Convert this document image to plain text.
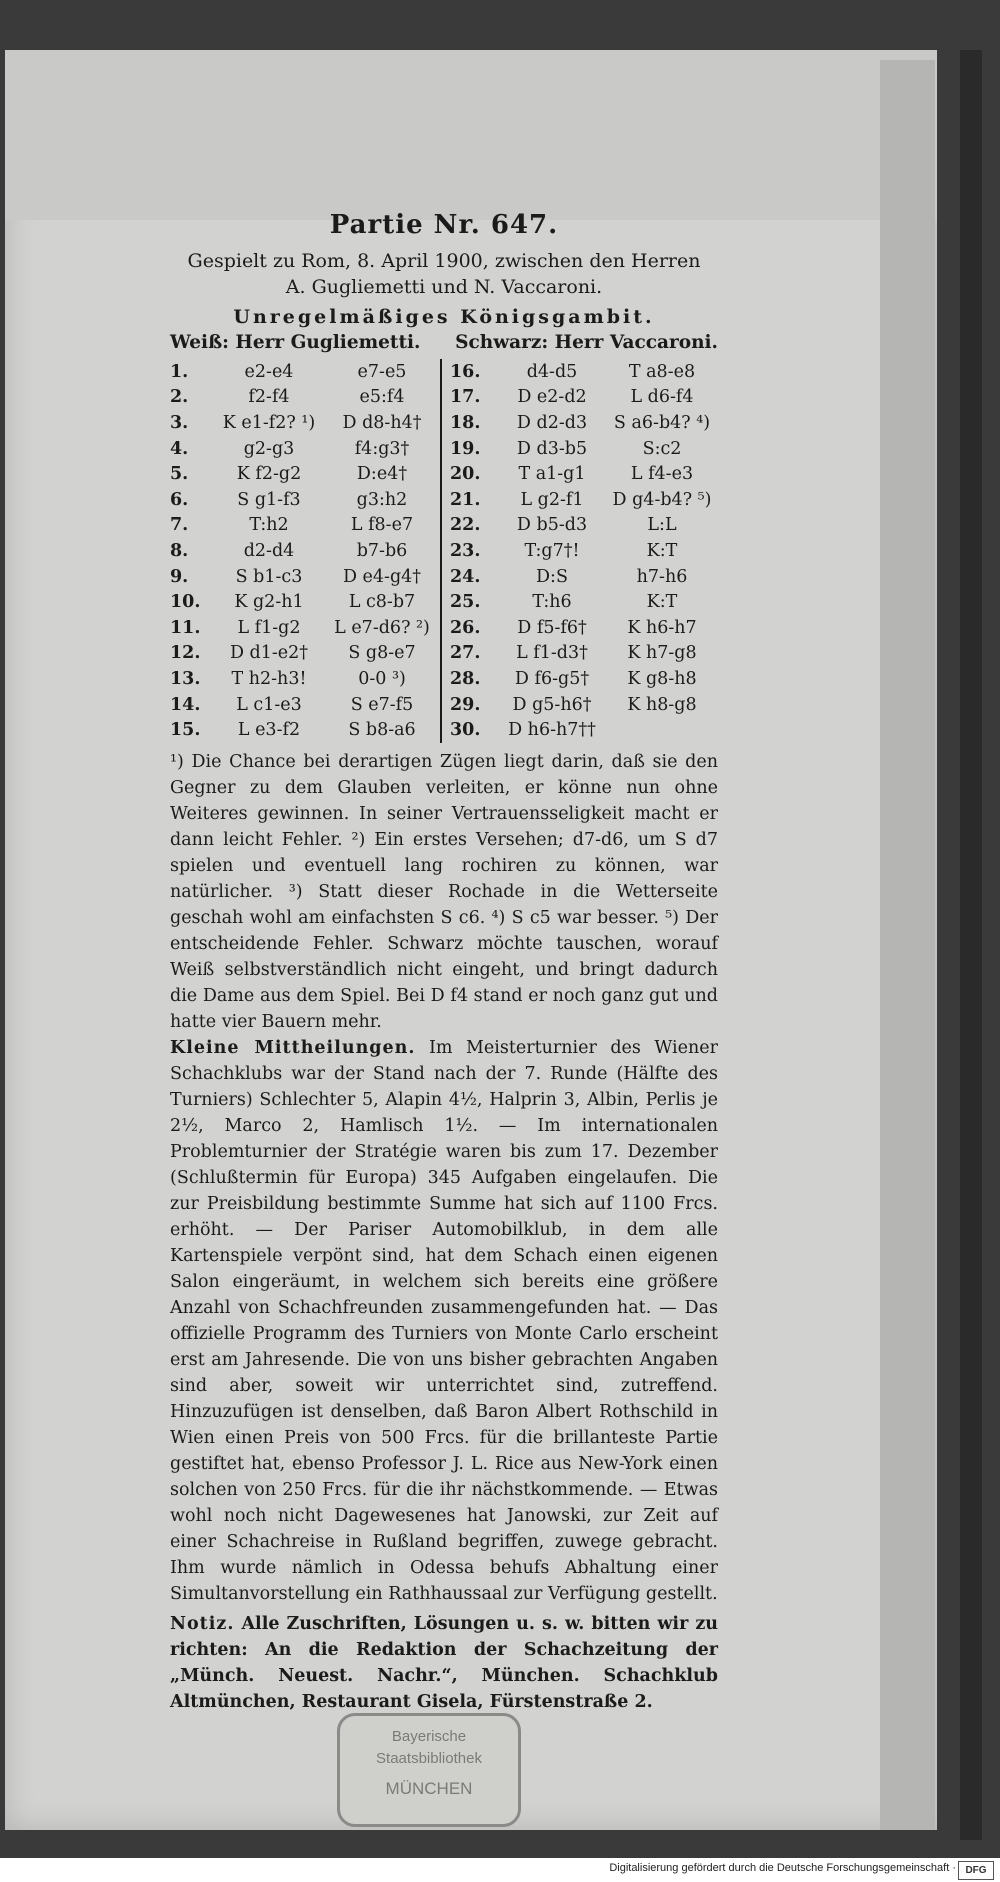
Partie Nr. 647.

Gespielt zu Rom, 8. April 1900, zwischen den Herren

A. Gugliemetti und N. Vaccaroni.

Unregelmäßiges Königsgambit.
Weiß: Herr Gugliemetti. Schwarz: Herr Vaccaroni.
1.	e2-e4	e7-e5	16.	d4-d5	T a8-e8
2.	f2-f4	e5:f4	17.	D e2-d2	L d6-f4
3.	K e1-f2? ¹)	D d8-h4†	18.	D d2-d3	S a6-b4? ⁴)
4.	g2-g3	f4:g3†	19.	D d3-b5	S:c2
5.	K f2-g2	D:e4†	20.	T a1-g1	L f4-e3
6.	S g1-f3	g3:h2	21.	L g2-f1	D g4-b4? ⁵)
7.	T:h2	L f8-e7	22.	D b5-d3	L:L
8.	d2-d4	b7-b6	23.	T:g7†!	K:T
9.	S b1-c3	D e4-g4†	24.	D:S	h7-h6
10.	K g2-h1	L c8-b7	25.	T:h6	K:T
11.	L f1-g2	L e7-d6? ²)	26.	D f5-f6†	K h6-h7
12.	D d1-e2†	S g8-e7	27.	L f1-d3†	K h7-g8
13.	T h2-h3!	0-0 ³)	28.	D f6-g5†	K g8-h8
14.	L c1-e3	S e7-f5	29.	D g5-h6†	K h8-g8
15.	L e3-f2	S b8-a6	30.	D h6-h7††	

¹) Die Chance bei derartigen Zügen liegt darin, daß sie den Gegner zu dem Glauben verleiten, er könne nun ohne Weiteres gewinnen. In seiner Vertrauensseligkeit macht er dann leicht Fehler. ²) Ein erstes Versehen; d7-d6, um S d7 spielen und eventuell lang rochiren zu können, war natürlicher. ³) Statt dieser Rochade in die Wetterseite geschah wohl am einfachsten S c6. ⁴) S c5 war besser. ⁵) Der entscheidende Fehler. Schwarz möchte tauschen, worauf Weiß selbstverständlich nicht eingeht, und bringt dadurch die Dame aus dem Spiel. Bei D f4 stand er noch ganz gut und hatte vier Bauern mehr.

Kleine Mittheilungen. Im Meisterturnier des Wiener Schachklubs war der Stand nach der 7. Runde (Hälfte des Turniers) Schlechter 5, Alapin 4½, Halprin 3, Albin, Perlis je 2½, Marco 2, Hamlisch 1½. — Im internationalen Problemturnier der Stratégie waren bis zum 17. Dezember (Schlußtermin für Europa) 345 Aufgaben eingelaufen. Die zur Preisbildung bestimmte Summe hat sich auf 1100 Frcs. erhöht. — Der Pariser Automobilklub, in dem alle Kartenspiele verpönt sind, hat dem Schach einen eigenen Salon eingeräumt, in welchem sich bereits eine größere Anzahl von Schachfreunden zusammengefunden hat. — Das offizielle Programm des Turniers von Monte Carlo erscheint erst am Jahresende. Die von uns bisher gebrachten Angaben sind aber, soweit wir unterrichtet sind, zutreffend. Hinzuzufügen ist denselben, daß Baron Albert Rothschild in Wien einen Preis von 500 Frcs. für die brillanteste Partie gestiftet hat, ebenso Professor J. L. Rice aus New-York einen solchen von 250 Frcs. für die ihr nächstkommende. — Etwas wohl noch nicht Dagewesenes hat Janowski, zur Zeit auf einer Schachreise in Rußland begriffen, zuwege gebracht. Ihm wurde nämlich in Odessa behufs Abhaltung einer Simultanvorstellung ein Rathhaussaal zur Verfügung gestellt.

Notiz. Alle Zuschriften, Lösungen u. s. w. bitten wir zu richten: An die Redaktion der Schachzeitung der „Münch. Neuest. Nachr.“, München. Schachklub Altmünchen, Restaurant Gisela, Fürstenstraße 2.

Bayerische
Staatsbibliothek
MÜNCHEN
Digitalisierung gefördert durch die Deutsche Forschungsgemeinschaft · DFG
